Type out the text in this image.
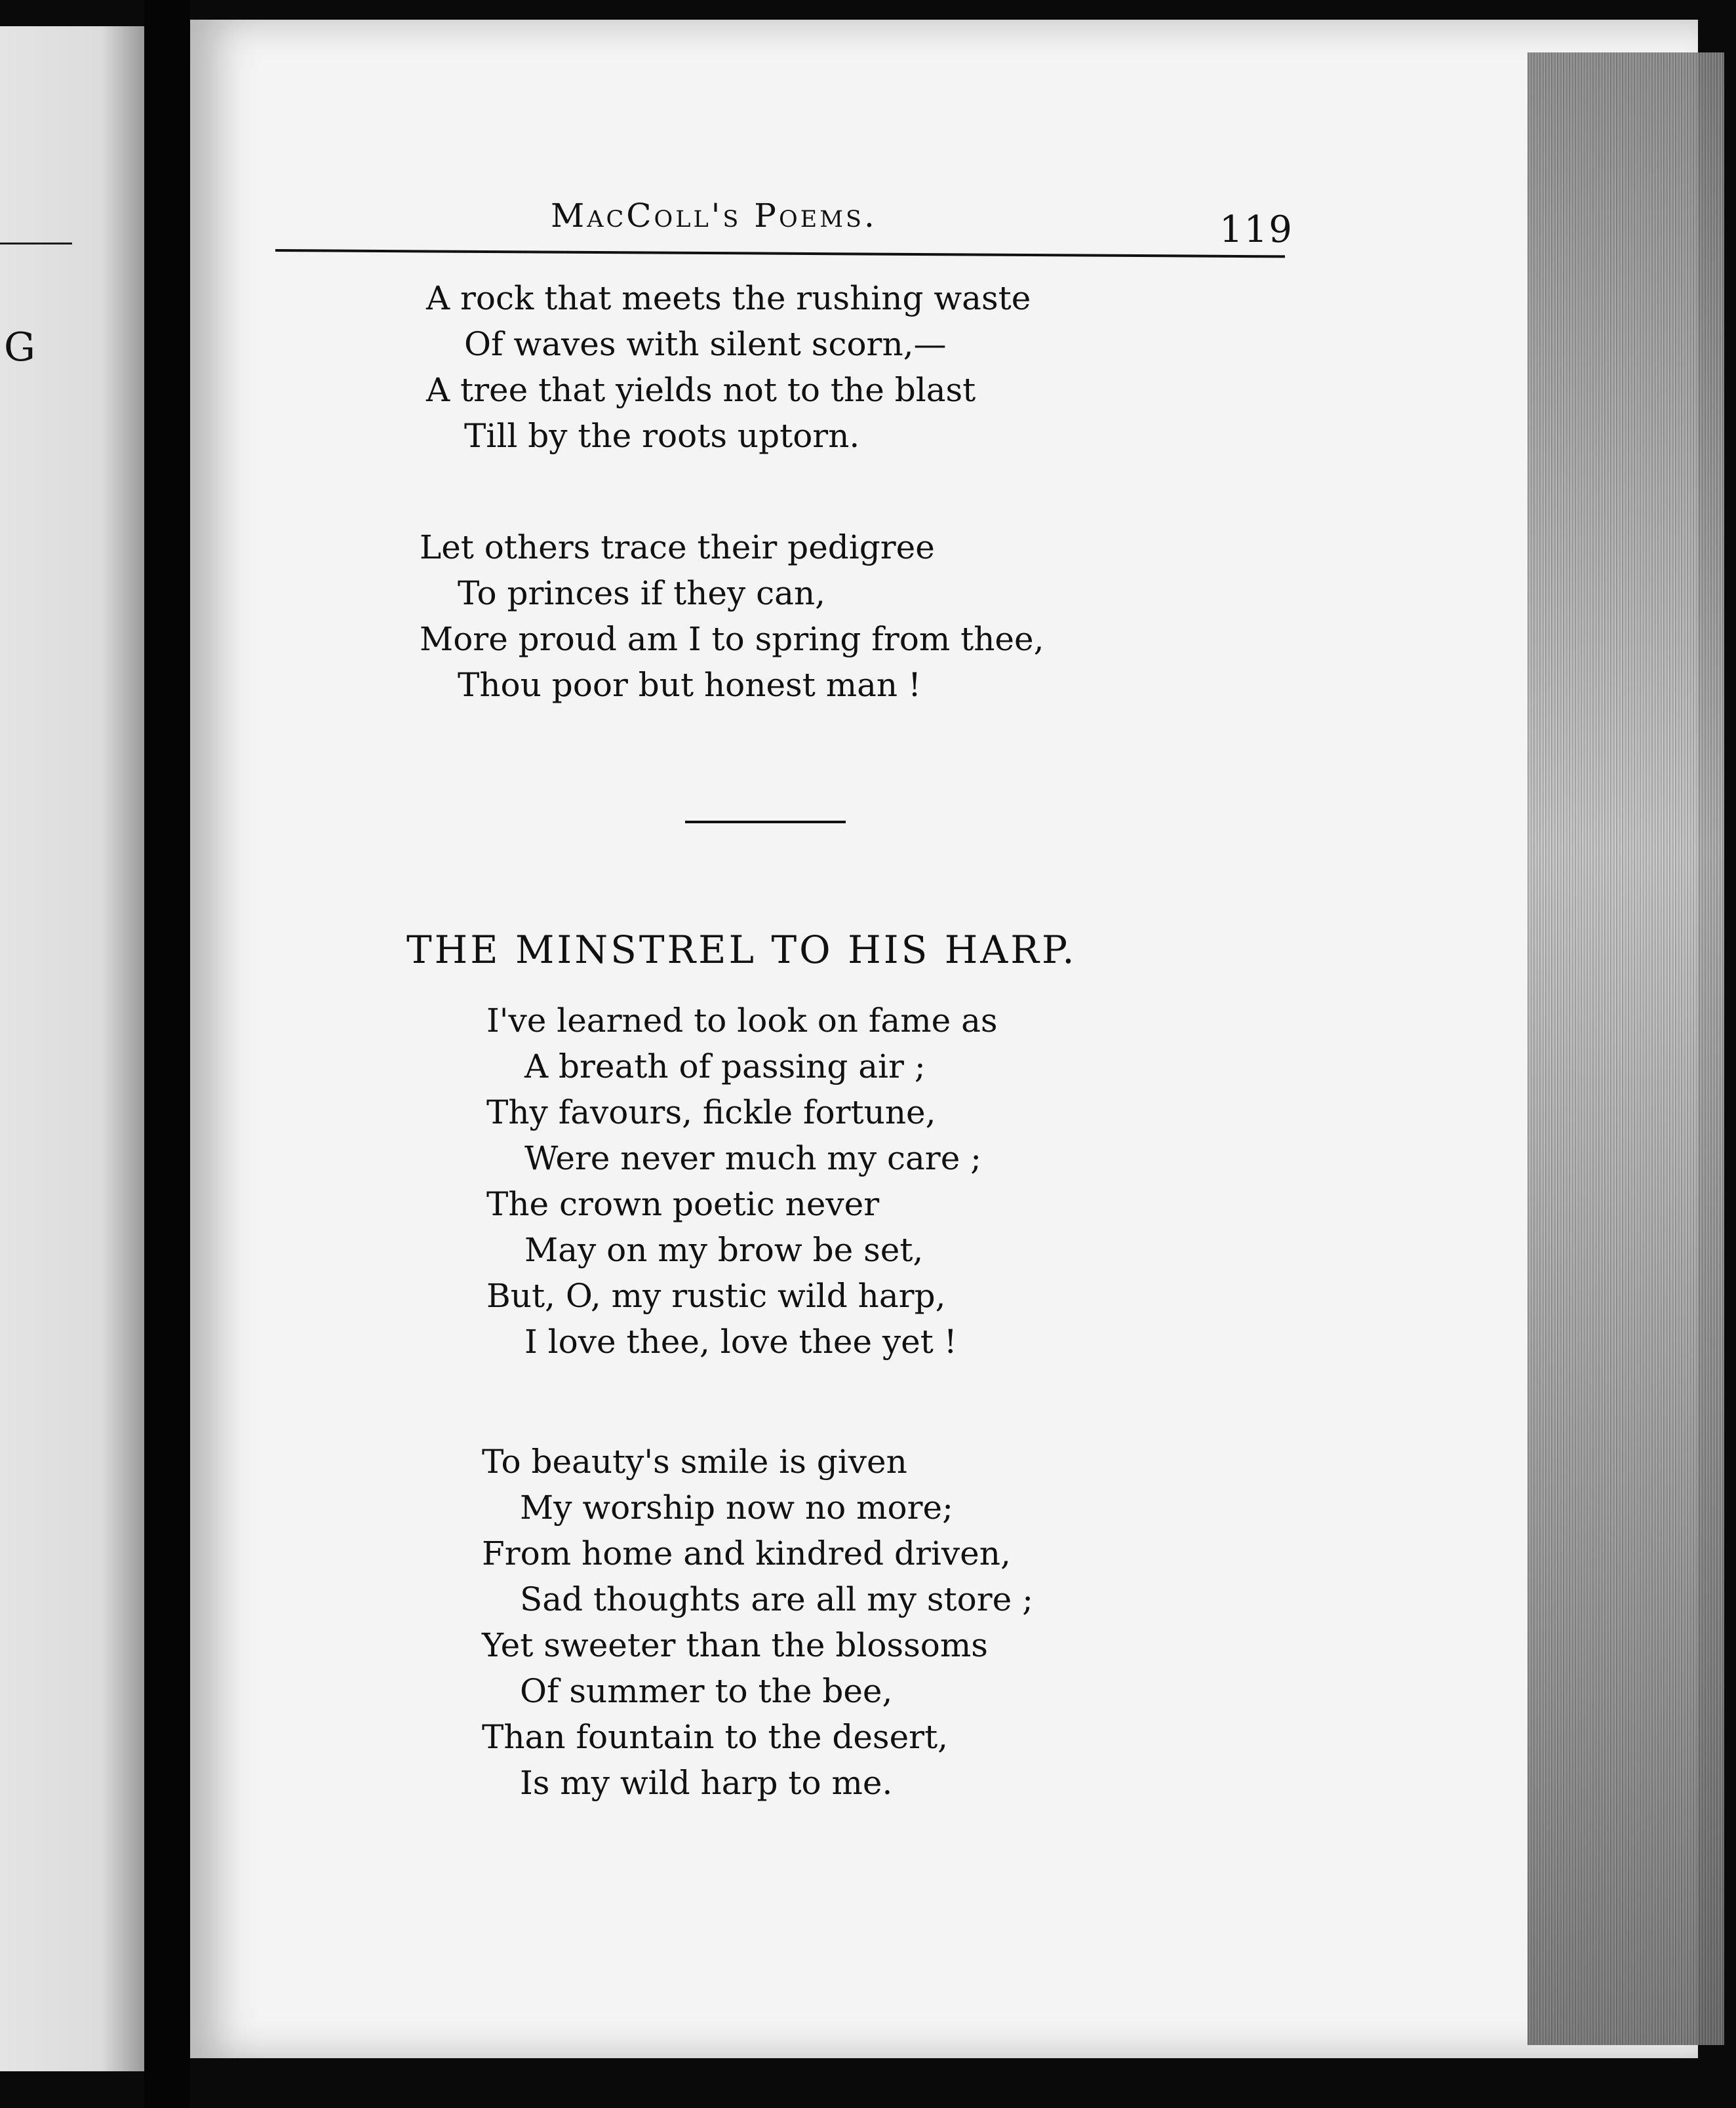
G
MacColl's Poems.	119
A rock that meets the rushing waste
Of waves with silent scorn,—
A tree that yields not to the blast
Till by the roots uptorn.
Let others trace their pedigree
To princes if they can,
More proud am I to spring from thee,
Thou poor but honest man !
THE MINSTREL TO HIS HARP.
I've learned to look on fame as
A breath of passing air ;
Thy favours, fickle fortune,
Were never much my care ;
The crown poetic never
May on my brow be set,
But, O, my rustic wild harp,
I love thee, love thee yet !
To beauty's smile is given
My worship now no more;
From home and kindred driven,
Sad thoughts are all my store ;
Yet sweeter than the blossoms
Of summer to the bee,
Than fountain to the desert,
Is my wild harp to me.
